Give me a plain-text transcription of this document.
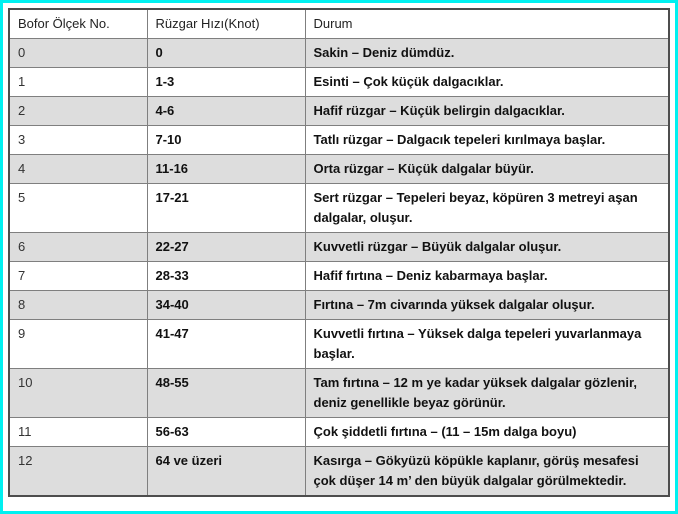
Bofor Ölçek No.	Rüzgar Hızı(Knot)	Durum
0	0	Sakin – Deniz dümdüz.
1	1-3	Esinti – Çok küçük dalgacıklar.
2	4-6	Hafif rüzgar – Küçük belirgin dalgacıklar.
3	7-10	Tatlı rüzgar – Dalgacık tepeleri kırılmaya başlar.
4	11-16	Orta rüzgar – Küçük dalgalar büyür.
5	17-21	Sert rüzgar – Tepeleri beyaz, köpüren 3 metreyi aşan dalgalar, oluşur.
6	22-27	Kuvvetli rüzgar – Büyük dalgalar oluşur.
7	28-33	Hafif fırtına – Deniz kabarmaya başlar.
8	34-40	Fırtına – 7m civarında yüksek dalgalar oluşur.
9	41-47	Kuvvetli fırtına – Yüksek dalga tepeleri yuvarlanmaya başlar.
10	48-55	Tam fırtına – 12 m ye kadar yüksek dalgalar gözlenir, deniz genellikle beyaz görünür.
11	56-63	Çok şiddetli fırtına – (11 – 15m dalga boyu)
12	64 ve üzeri	Kasırga – Gökyüzü köpükle kaplanır, görüş mesafesi çok düşer 14 m’ den büyük dalgalar görülmektedir.
